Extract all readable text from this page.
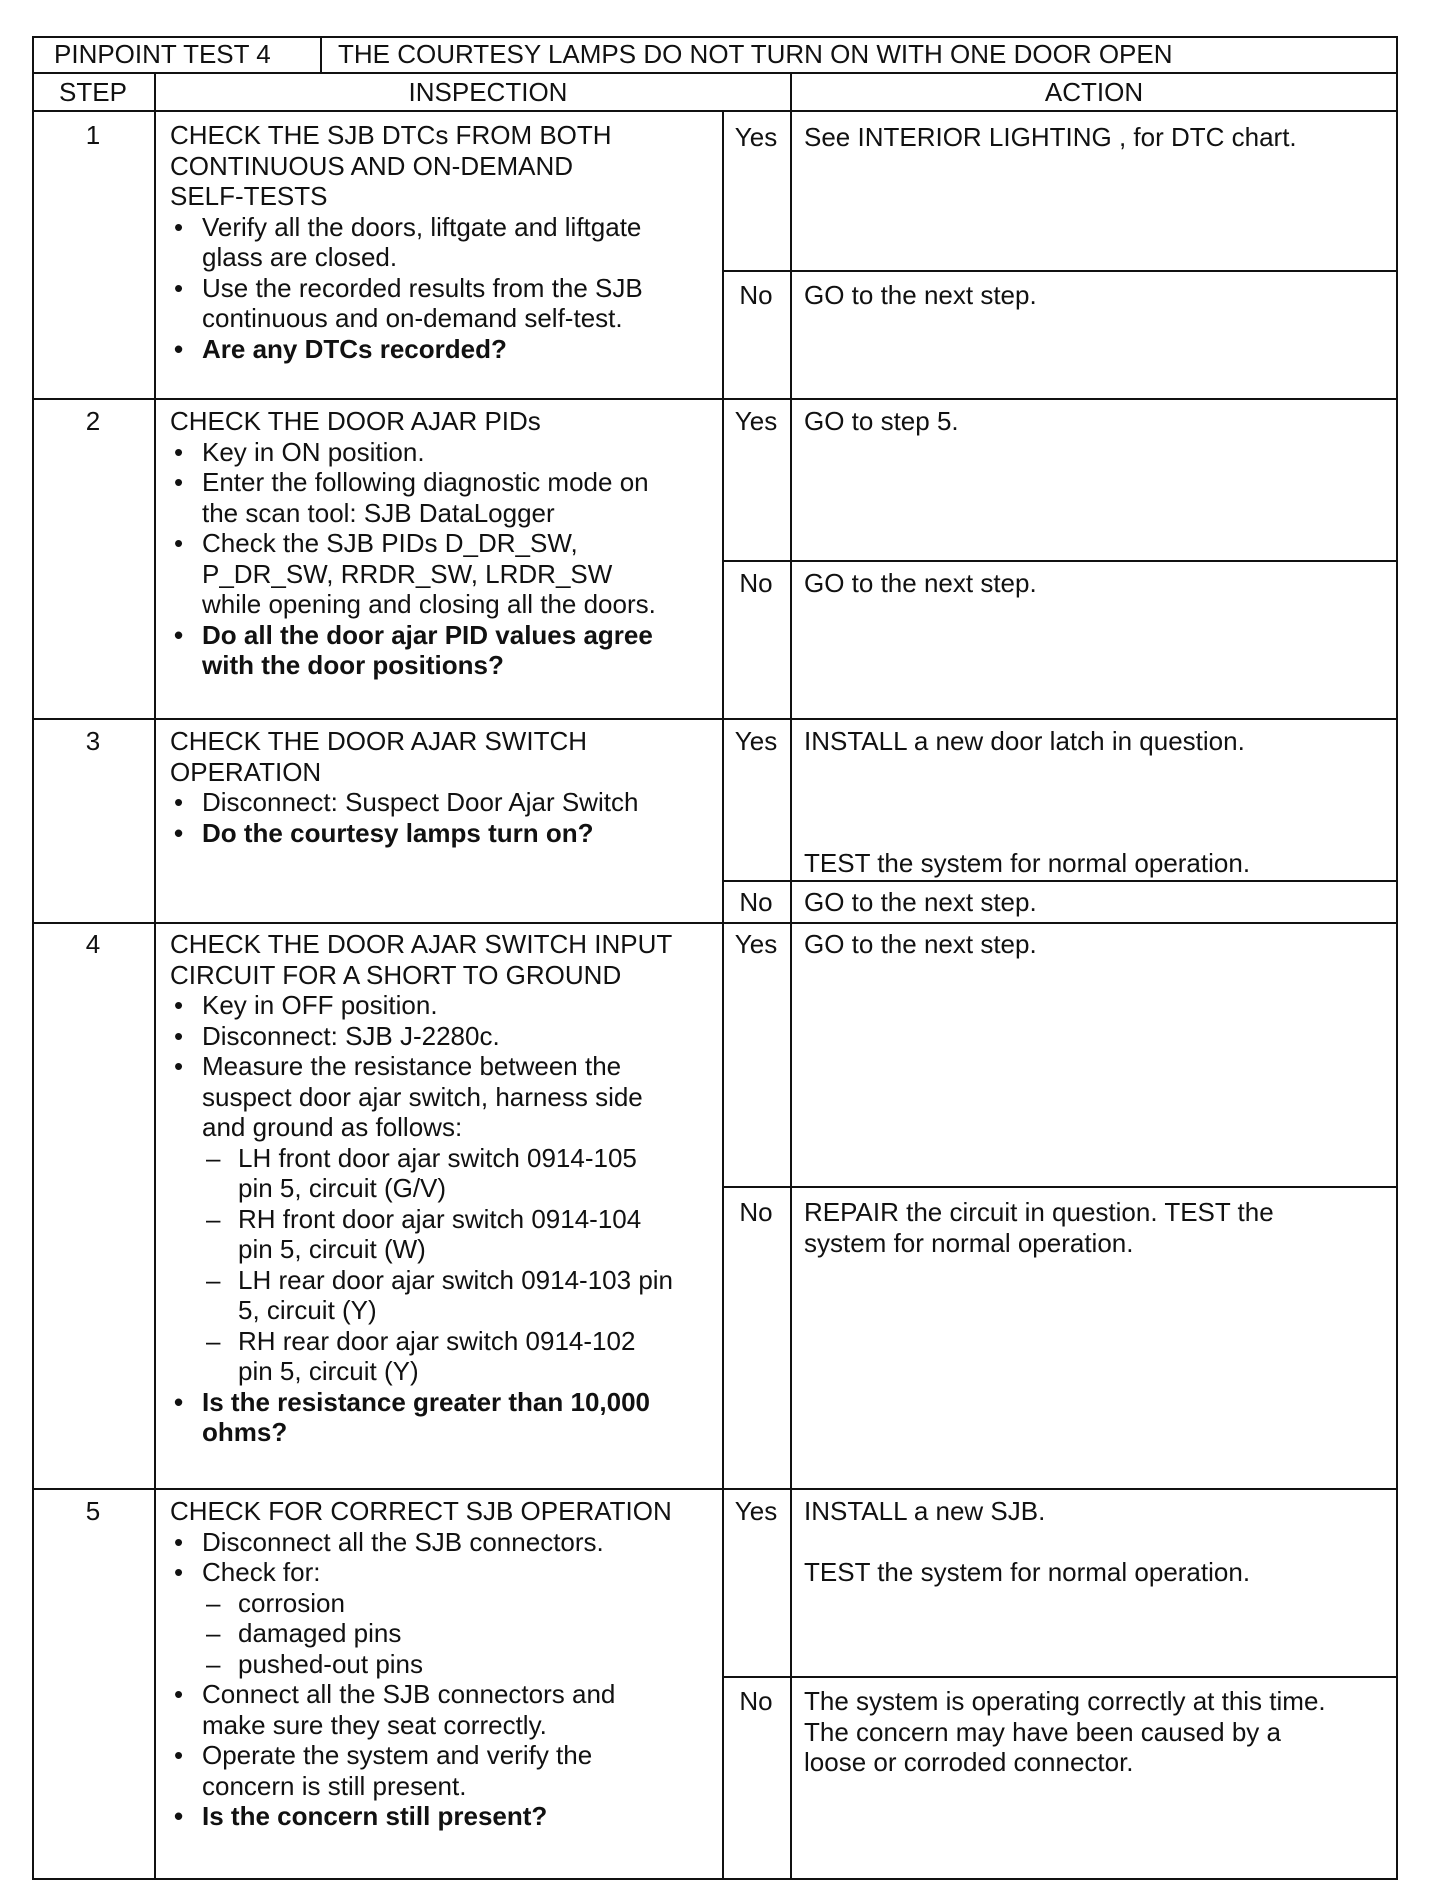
PINPOINT TEST 4	THE COURTESY LAMPS DO NOT TURN ON WITH ONE DOOR OPEN
STEP	INSPECTION	ACTION
1	CHECK THE SJB DTCs FROM BOTH
CONTINUOUS AND ON-DEMAND
SELF-TESTS
• Verify all the doors, liftgate and liftgate
glass are closed.
• Use the recorded results from the SJB
continuous and on-demand self-test.
• Are any DTCs recorded?
Yes	See INTERIOR LIGHTING , for DTC chart.
No	GO to the next step.
2	CHECK THE DOOR AJAR PIDs
• Key in ON position.
• Enter the following diagnostic mode on
the scan tool: SJB DataLogger
• Check the SJB PIDs D_DR_SW,
P_DR_SW, RRDR_SW, LRDR_SW
while opening and closing all the doors.
• Do all the door ajar PID values agree
with the door positions?
Yes	GO to step 5.
No	GO to the next step.
3	CHECK THE DOOR AJAR SWITCH
OPERATION
• Disconnect: Suspect Door Ajar Switch
• Do the courtesy lamps turn on?
Yes	INSTALL a new door latch in question.
TEST the system for normal operation.
No	GO to the next step.
4	CHECK THE DOOR AJAR SWITCH INPUT
CIRCUIT FOR A SHORT TO GROUND
• Key in OFF position.
• Disconnect: SJB J-2280c.
• Measure the resistance between the
suspect door ajar switch, harness side
and ground as follows:
– LH front door ajar switch 0914-105
pin 5, circuit (G/V)
– RH front door ajar switch 0914-104
pin 5, circuit (W)
– LH rear door ajar switch 0914-103 pin
5, circuit (Y)
– RH rear door ajar switch 0914-102
pin 5, circuit (Y)
• Is the resistance greater than 10,000
ohms?
Yes	GO to the next step.
No	REPAIR the circuit in question. TEST the
system for normal operation.
5	CHECK FOR CORRECT SJB OPERATION
• Disconnect all the SJB connectors.
• Check for:
– corrosion
– damaged pins
– pushed-out pins
• Connect all the SJB connectors and
make sure they seat correctly.
• Operate the system and verify the
concern is still present.
• Is the concern still present?
Yes	INSTALL a new SJB.
TEST the system for normal operation.
No	The system is operating correctly at this time.
The concern may have been caused by a
loose or corroded connector.
